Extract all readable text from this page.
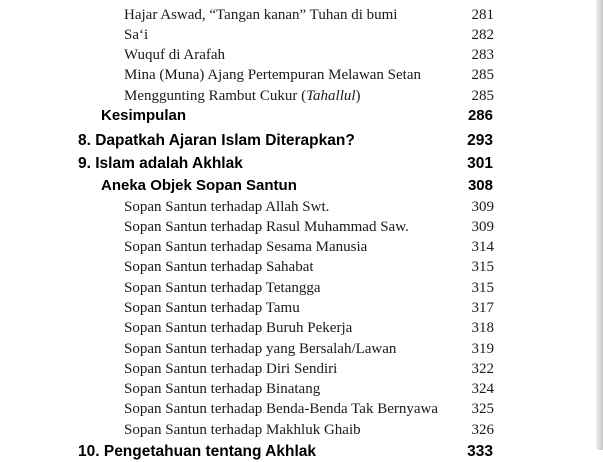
Hajar Aswad, “Tangan kanan” Tuhan di bumi	281
Sa‘i	282
Wuquf di Arafah	283
Mina (Muna) Ajang Pertempuran Melawan Setan	285
Menggunting Rambut Cukur (Tahallul)	285
Kesimpulan	286
8. Dapatkah Ajaran Islam Diterapkan?	293
9. Islam adalah Akhlak	301
Aneka Objek Sopan Santun	308
Sopan Santun terhadap Allah Swt.	309
Sopan Santun terhadap Rasul Muhammad Saw.	309
Sopan Santun terhadap Sesama Manusia	314
Sopan Santun terhadap Sahabat	315
Sopan Santun terhadap Tetangga	315
Sopan Santun terhadap Tamu	317
Sopan Santun terhadap Buruh Pekerja	318
Sopan Santun terhadap yang Bersalah/Lawan	319
Sopan Santun terhadap Diri Sendiri	322
Sopan Santun terhadap Binatang	324
Sopan Santun terhadap Benda-Benda Tak Bernyawa	325
Sopan Santun terhadap Makhluk Ghaib	326
10. Pengetahuan tentang Akhlak	333
